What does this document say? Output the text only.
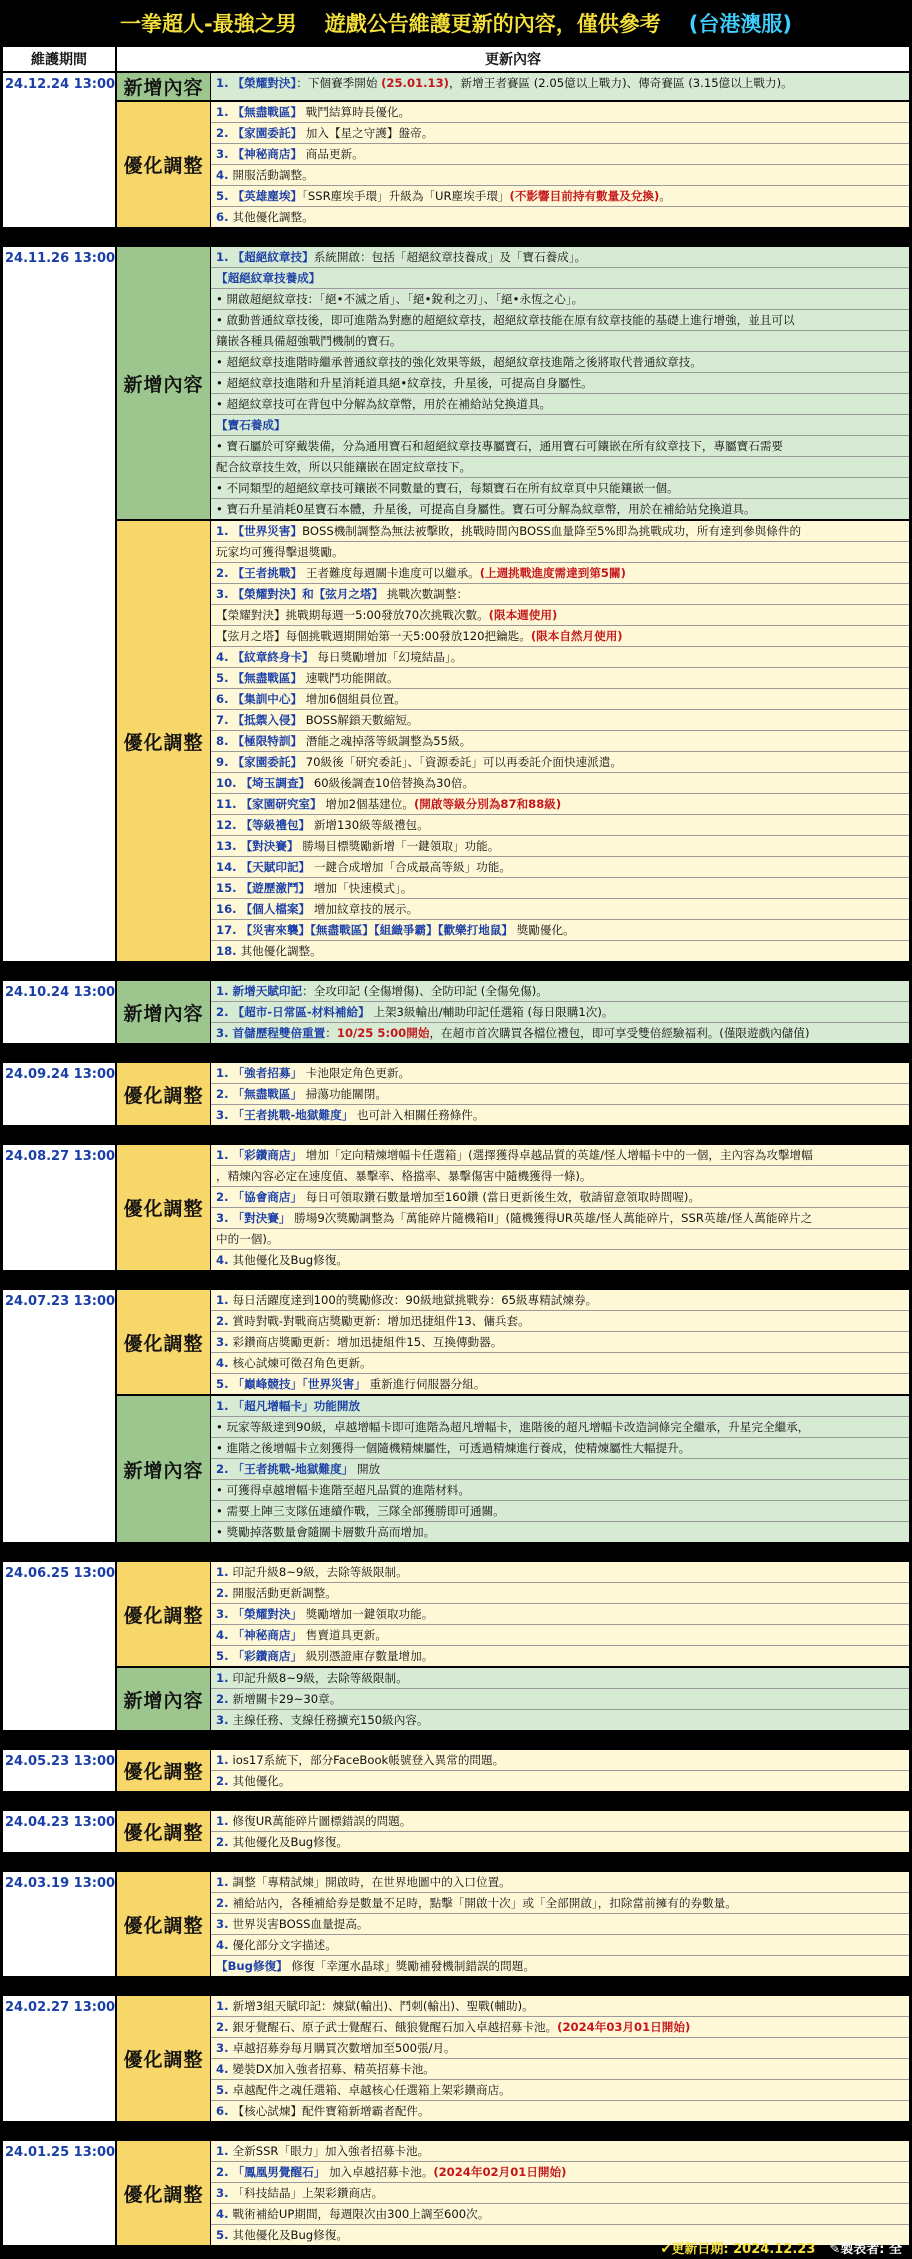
一拳超人-最強之男 遊戲公告維護更新的內容，僅供參考 (台港澳服)
維護期間	更新內容
24.12.24 13:00 新增內容	1. 【榮耀對決】：下個賽季開始 (25.01.13)，新增王者賽區 (2.05億以上戰力)、傳奇賽區 (3.15億以上戰力)。
優化調整
1. 【無盡戰區】 戰鬥結算時長優化。
2. 【家園委託】 加入【星之守護】盤帝。
3. 【神秘商店】 商品更新。
4. 開服活動調整。
5. 【英雄塵埃】「SSR塵埃手環」升級為「UR塵埃手環」(不影響目前持有數量及兌換)。
6. 其他優化調整。
24.11.26 13:00
新增內容
1. 【超絕紋章技】系統開啟：包括「超絕紋章技養成」及「寶石養成」。
【超絕紋章技養成】
• 開啟超絕紋章技：「絕•不滅之盾」、「絕•銳利之刃」、「絕•永恆之心」。
• 啟動普通紋章技後，即可進階為對應的超絕紋章技，超絕紋章技能在原有紋章技能的基礎上進行增強，並且可以
鑲嵌各種具備超強戰鬥機制的寶石。
• 超絕紋章技進階時繼承普通紋章技的強化效果等級，超絕紋章技進階之後將取代普通紋章技。
• 超絕紋章技進階和升星消耗道具絕•紋章技，升星後，可提高自身屬性。
• 超絕紋章技可在背包中分解為紋章幣，用於在補給站兌換道具。
【寶石養成】
• 寶石屬於可穿戴裝備，分為通用寶石和超絕紋章技專屬寶石，通用寶石可鑲嵌在所有紋章技下，專屬寶石需要
配合紋章技生效，所以只能鑲嵌在固定紋章技下。
• 不同類型的超絕紋章技可鑲嵌不同數量的寶石，每類寶石在所有紋章頁中只能鑲嵌一個。
• 寶石升星消耗0星寶石本體，升星後，可提高自身屬性。寶石可分解為紋章幣，用於在補給站兌換道具。
優化調整
1. 【世界災害】BOSS機制調整為無法被擊敗，挑戰時間內BOSS血量降至5%即為挑戰成功，所有達到參與條件的
玩家均可獲得擊退獎勵。
2. 【王者挑戰】 王者難度每週關卡進度可以繼承。(上週挑戰進度需達到第5關)
3. 【榮耀對決】和【弦月之塔】 挑戰次數調整：
【榮耀對決】挑戰期每週一5:00發放70次挑戰次數。(限本週使用)
【弦月之塔】每個挑戰週期開始第一天5:00發放120把鑰匙。(限本自然月使用)
4. 【紋章終身卡】 每日獎勵增加「幻境結晶」。
5. 【無盡戰區】 速戰鬥功能開啟。
6. 【集訓中心】 增加6個組員位置。
7. 【抵禦入侵】 BOSS解鎖天數縮短。
8. 【極限特訓】 潛能之魂掉落等級調整為55級。
9. 【家園委託】 70級後「研究委託」、「資源委託」可以再委託介面快速派遣。
10. 【埼玉調查】 60級後調查10倍替換為30倍。
11. 【家園研究室】 增加2個基建位。(開啟等級分別為87和88級)
12. 【等級禮包】 新增130級等級禮包。
13. 【對決賽】 勝場目標獎勵新增「一鍵領取」功能。
14. 【天賦印記】 一鍵合成增加「合成最高等級」功能。
15. 【遊歷激鬥】 增加「快速模式」。
16. 【個人檔案】 增加紋章技的展示。
17. 【災害來襲】【無盡戰區】【組織爭霸】【歡樂打地鼠】 獎勵優化。
18. 其他優化調整。
24.10.24 13:00
新增內容
1. 新增天賦印記：全攻印記 (全傷增傷)、全防印記 (全傷免傷)。
2. 【超市-日常區-材料補給】 上架3級輸出/輔助印記任選箱 (每日限購1次)。
3. 首儲歷程雙倍重置：10/25 5:00開始，在超市首次購買各檔位禮包，即可享受雙倍經驗福利。(僅限遊戲內儲值)
24.09.24 13:00
優化調整
1. 「強者招募」 卡池限定角色更新。
2. 「無盡戰區」 掃蕩功能關閉。
3. 「王者挑戰-地獄難度」 也可計入相關任務條件。
24.08.27 13:00
優化調整
1. 「彩鑽商店」 增加「定向精煉增幅卡任選箱」(選擇獲得卓越品質的英雄/怪人增幅卡中的一個，主內容為攻擊增幅
，精煉內容必定在速度值、暴擊率、格擋率、暴擊傷害中隨機獲得一條)。
2. 「協會商店」 每日可領取鑽石數量增加至160鑽 (當日更新後生效，敬請留意領取時間喔)。
3. 「對決賽」 勝場9次獎勵調整為「萬能碎片隨機箱II」(隨機獲得UR英雄/怪人萬能碎片，SSR英雄/怪人萬能碎片之
中的一個)。
4. 其他優化及Bug修復。
24.07.23 13:00
優化調整
1. 每日活躍度達到100的獎勵修改：90級地獄挑戰券：65級專精試煉券。
2. 賞時對戰-對戰商店獎勵更新：增加迅捷組件13、傭兵套。
3. 彩鑽商店獎勵更新：增加迅捷組件15、互換傳動器。
4. 核心試煉可徵召角色更新。
5. 「巔峰競技」「世界災害」 重新進行伺服器分組。
新增內容
1. 「超凡增幅卡」功能開放
• 玩家等級達到90級，卓越增幅卡即可進階為超凡增幅卡，進階後的超凡增幅卡改造詞條完全繼承，升星完全繼承，
• 進階之後增幅卡立刻獲得一個隨機精煉屬性，可透過精煉進行養成，使精煉屬性大幅提升。
2. 「王者挑戰-地獄難度」 開放
• 可獲得卓越增幅卡進階至超凡品質的進階材料。
• 需要上陣三支隊伍連續作戰，三隊全部獲勝即可通關。
• 獎勵掉落數量會隨關卡層數升高而增加。
24.06.25 13:00
優化調整
1. 印記升級8~9級，去除等級限制。
2. 開服活動更新調整。
3. 「榮耀對決」 獎勵增加一鍵領取功能。
4. 「神秘商店」 售賣道具更新。
5. 「彩鑽商店」 級別憑證庫存數量增加。
新增內容
1. 印記升級8~9級，去除等級限制。
2. 新增關卡29~30章。
3. 主線任務、支線任務擴充150級內容。
24.05.23 13:00 優化調整
1. ios17系統下，部分FaceBook帳號登入異常的問題。
2. 其他優化。
24.04.23 13:00 優化調整
1. 修復UR萬能碎片圖標錯誤的問題。
2. 其他優化及Bug修復。
24.03.19 13:00
優化調整
1. 調整「專精試煉」開啟時，在世界地圖中的入口位置。
2. 補給站內，各種補給券是數量不足時，點擊「開啟十次」或「全部開啟」，扣除當前擁有的券數量。
3. 世界災害BOSS血量提高。
4. 優化部分文字描述。
【Bug修復】 修復「幸運水晶球」獎勵補發機制錯誤的問題。
24.02.27 13:00
優化調整
1. 新增3組天賦印記：煉獄(輸出)、鬥刺(輸出)、聖戰(輔助)。
2. 銀牙覺醒石、原子武士覺醒石、餓狼覺醒石加入卓越招募卡池。(2024年03月01日開始)
3. 卓越招募券每月購買次數增加至500張/月。
4. 變裝DX加入強者招募、精英招募卡池。
5. 卓越配件之魂任選箱、卓越核心任選箱上架彩鑽商店。
6. 【核心試煉】配件寶箱新增霸者配件。
24.01.25 13:00
優化調整
1. 全新SSR「眼力」加入強者招募卡池。
2. 「鳳凰男覺醒石」 加入卓越招募卡池。(2024年02月01日開始)
3. 「科技結晶」上架彩鑽商店。
4. 戰術補給UP期間，每週限次由300上調至600次。
5. 其他優化及Bug修復。
✔更新日期: 2024.12.23 ✎製表者: 全
